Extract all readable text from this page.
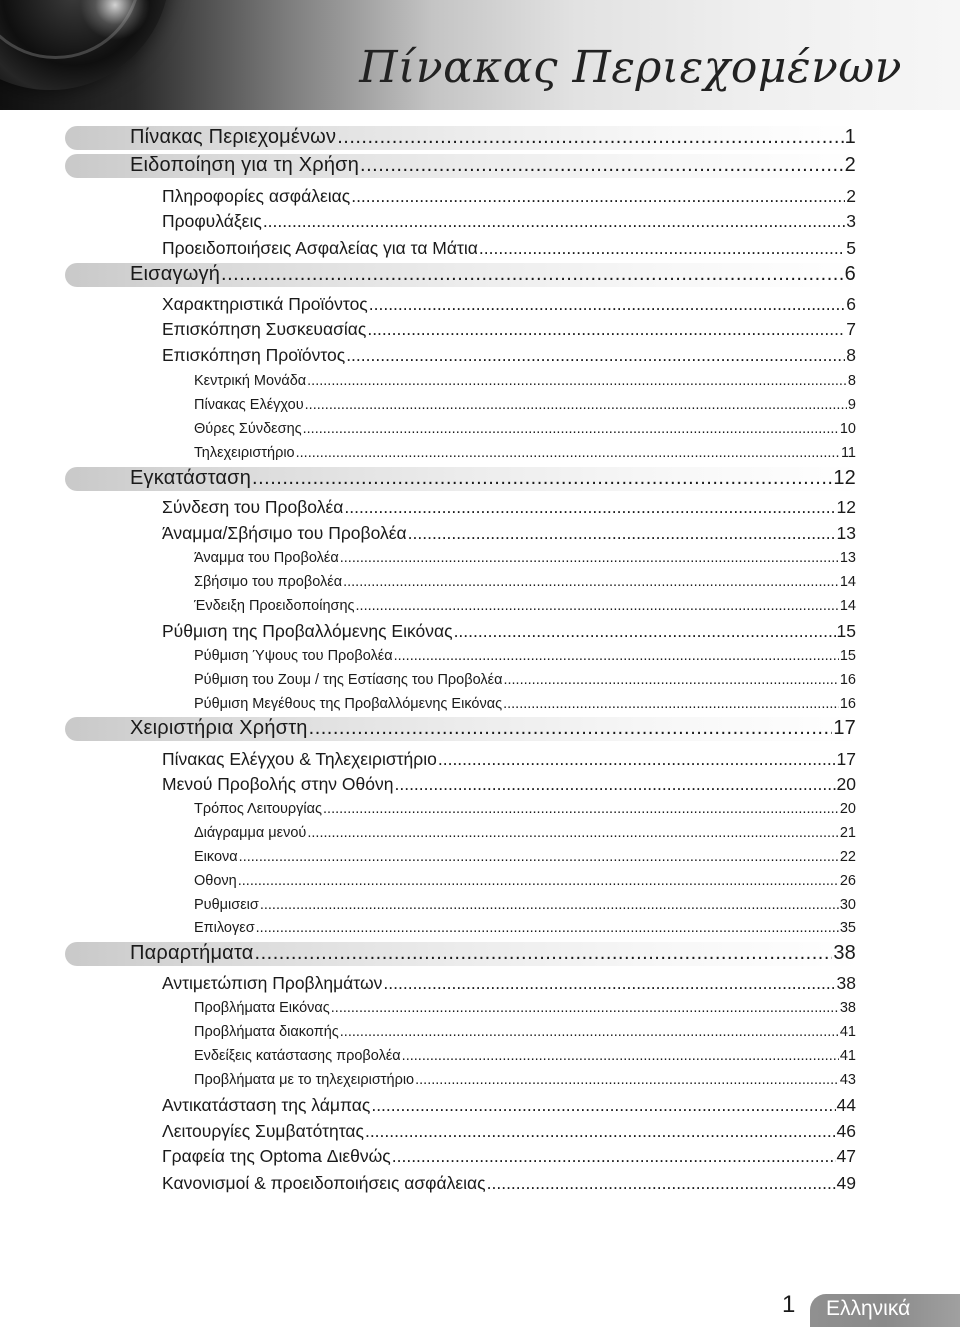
Πίνακας Περιεχομένων
Πίνακας Περιεχομένων .....	1
Ειδοποίηση για τη Χρήση .....	2
Πληροφορίες ασφάλειας .....	2
Προφυλάξεις .....	3
Προειδοποιήσεις Ασφαλείας για τα Μάτια .....	5
Εισαγωγή .....	6
Χαρακτηριστικά Προϊόντος .....	6
Επισκόπηση Συσκευασίας .....	7
Επισκόπηση Προϊόντος .....	8
Κεντρική Μονάδα .....	8
Πίνακας Ελέγχου .....	9
Θύρες Σύνδεσης .....	10
Τηλεχειριστήριο .....	11
Εγκατάσταση .....	12
Σύνδεση του Προβολέα .....	12
Άναμμα/Σβήσιμο του Προβολέα .....	13
Άναμμα του Προβολέα .....	13
Σβήσιμο του προβολέα .....	14
Ένδειξη Προειδοποίησης .....	14
Ρύθμιση της Προβαλλόμενης Εικόνας .....	15
Ρύθμιση Ύψους του Προβολέα .....	15
Ρύθμιση του Ζουμ / της Εστίασης του Προβολέα .....	16
Ρύθμιση Μεγέθους της Προβαλλόμενης Εικόνας .....	16
Χειριστήρια Χρήστη .....	17
Πίνακας Ελέγχου & Τηλεχειριστήριο .....	17
Μενού Προβολής στην Οθόνη .....	20
Τρόπος Λειτουργίας .....	20
Διάγραμμα μενού .....	21
Εικονα .....	22
Οθονη .....	26
Ρυθμισεισ .....	30
Επιλογεσ .....	35
Παραρτήματα .....	38
Αντιμετώπιση Προβλημάτων .....	38
Προβλήματα Εικόνας .....	38
Προβλήματα διακοπής .....	41
Ενδείξεις κατάστασης προβολέα .....	41
Προβλήματα με το τηλεχειριστήριο .....	43
Αντικατάσταση της λάμπας .....	44
Λειτουργίες Συμβατότητας .....	46
Γραφεία της Optoma Διεθνώς .....	47
Κανονισμοί & προειδοποιήσεις ασφάλειας .....	49
1 Ελληνικά
